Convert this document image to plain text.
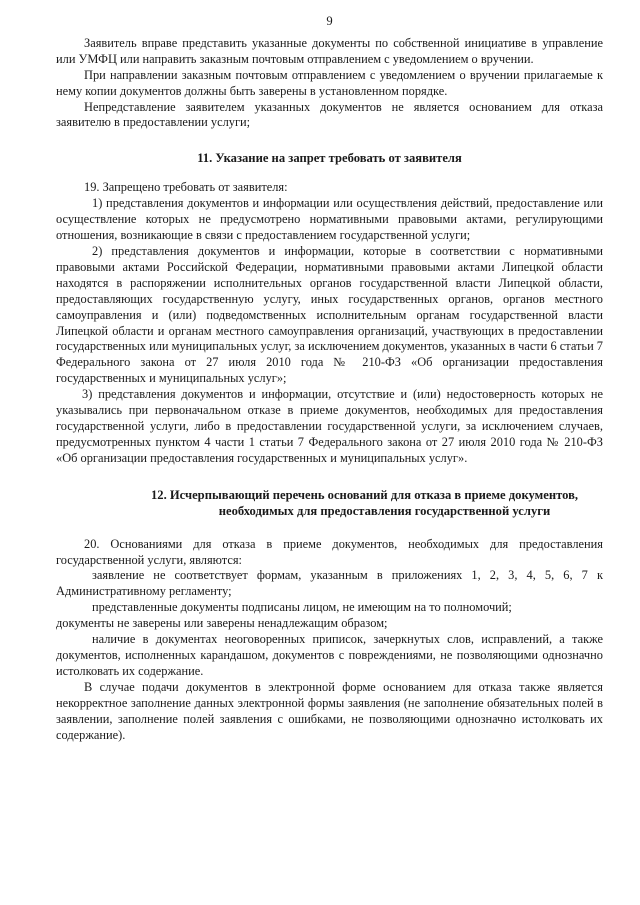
9

Заявитель вправе представить указанные документы по собственной инициативе в управление или УМФЦ или направить заказным почтовым отправлением с уведомлением о вручении.

При направлении заказным почтовым отправлением с уведомлением о вручении прилагаемые к нему копии документов должны быть заверены в установленном порядке.

Непредставление заявителем указанных документов не является основанием для отказа заявителю в предоставлении услуги;

11. Указание на запрет требовать от заявителя

19. Запрещено требовать от заявителя:

1) представления документов и информации или осуществления действий, предоставление или осуществление которых не предусмотрено нормативными правовыми актами, регулирующими отношения, возникающие в связи с предоставлением государственной услуги;

2) представления документов и информации, которые в соответствии с нормативными правовыми актами Российской Федерации, нормативными правовыми актами Липецкой области находятся в распоряжении исполнительных органов государственной власти Липецкой области, предоставляющих государственную услугу, иных государственных органов, органов местного самоуправления и (или) подведомственных исполнительным органам государственной власти Липецкой области и органам местного самоуправления организаций, участвующих в предоставлении государственных или муниципальных услуг, за исключением документов, указанных в части 6 статьи 7 Федерального закона от 27 июля 2010 года № 210-ФЗ «Об организации предоставления государственных и муниципальных услуг»;

3) представления документов и информации, отсутствие и (или) недостоверность которых не указывались при первоначальном отказе в приеме документов, необходимых для предоставления государственной услуги, либо в предоставлении государственной услуги, за исключением случаев, предусмотренных пунктом 4 части 1 статьи 7 Федерального закона от 27 июля 2010 года № 210-ФЗ «Об организации предоставления государственных и муниципальных услуг».

12. Исчерпывающий перечень оснований для отказа в приеме документов,
необходимых для предоставления государственной услуги

20. Основаниями для отказа в приеме документов, необходимых для предоставления государственной услуги, являются:

заявление не соответствует формам, указанным в приложениях 1, 2, 3, 4, 5, 6, 7 к Административному регламенту;

представленные документы подписаны лицом, не имеющим на то полномочий;

документы не заверены или заверены ненадлежащим образом;

наличие в документах неоговоренных приписок, зачеркнутых слов, исправлений, а также документов, исполненных карандашом, документов с повреждениями, не позволяющими однозначно истолковать их содержание.

В случае подачи документов в электронной форме основанием для отказа также является некорректное заполнение данных электронной формы заявления (не заполнение обязательных полей в заявлении, заполнение полей заявления с ошибками, не позволяющими однозначно истолковать их содержание).
